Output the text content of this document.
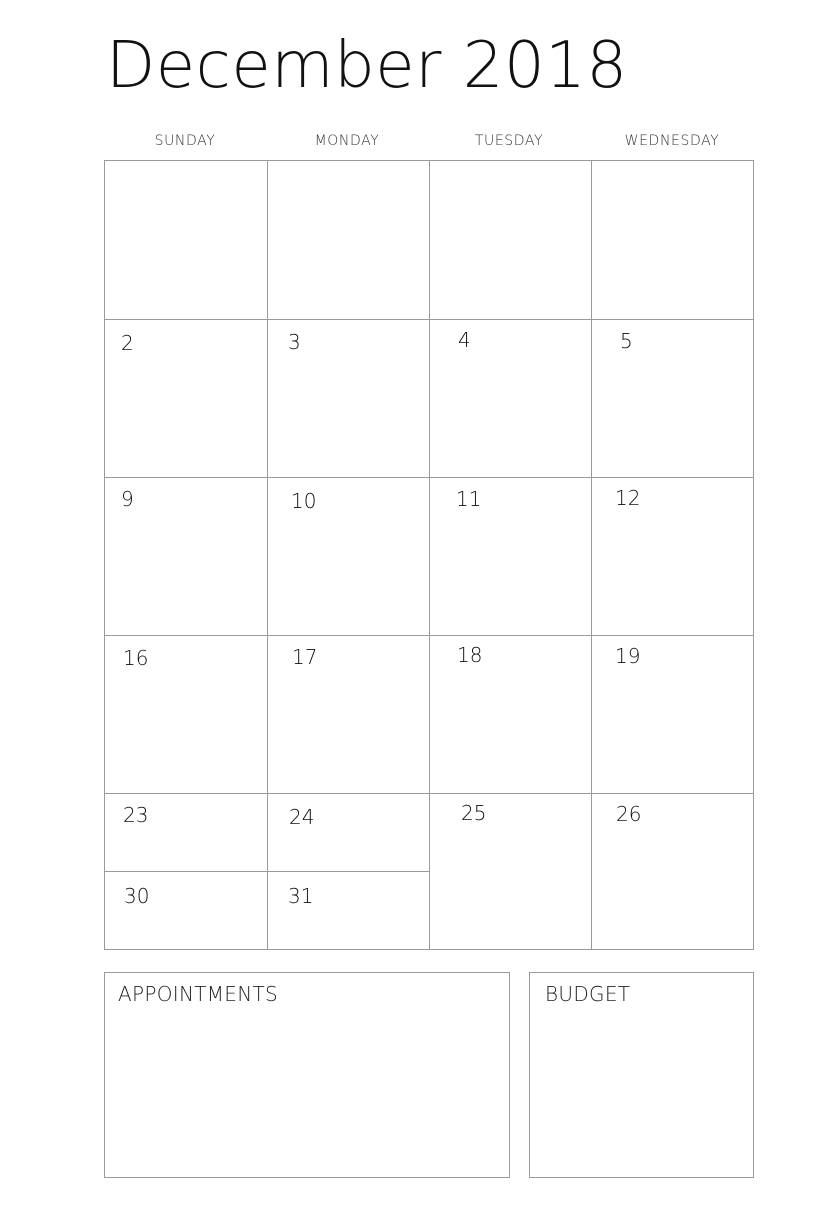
December 2018
SUNDAY	MONDAY	TUESDAY	WEDNESDAY
2	3	4	5
9	10	11	12
16	17	18	19
23	24	25	26
30	31
APPOINTMENTS	BUDGET
